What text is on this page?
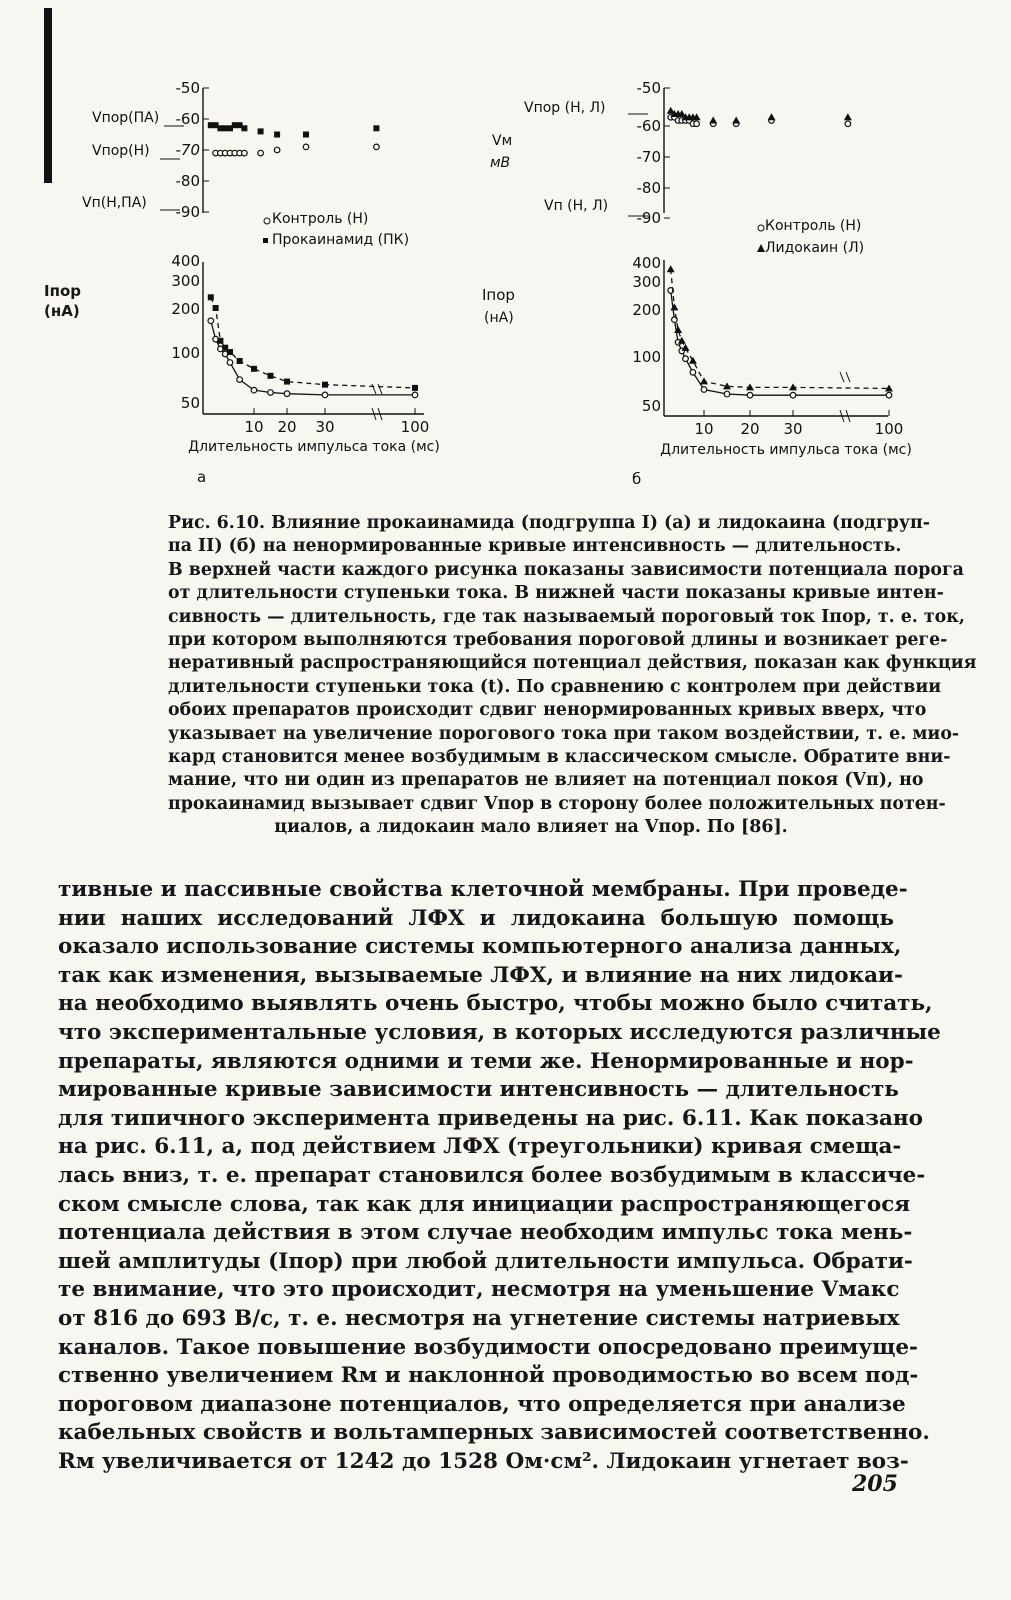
Iпор
(нА)
-50
-60
-70
-80
-90
Vпор(ПА)
Vпор(Н)
Vп(Н,ПА)
Контроль (Н)
Прокаинамид (ПК)
400
300
200
100
50
10 20 30	100
Длительность импульса тока (мс)
а
-50
-60
-70
-80
-90
Vпор (Н, Л)
Vм
мВ
Vп (Н, Л)
Контроль (Н)
Лидокаин (Л)
Iпор
(нА)
400
300
200
100
50
10 20 30	100
Длительность импульса тока (мс)
б
Рис. 6.10. Влияние прокаинамида (подгруппа I) (а) и лидокаина (подгруп-
па II) (б) на ненормированные кривые интенсивность — длительность.
В верхней части каждого рисунка показаны зависимости потенциала порога
от длительности ступеньки тока. В нижней части показаны кривые интен-
сивность — длительность, где так называемый пороговый ток Iпор, т. е. ток,
при котором выполняются требования пороговой длины и возникает реге-
неративный распространяющийся потенциал действия, показан как функция
длительности ступеньки тока (t). По сравнению с контролем при действии
обоих препаратов происходит сдвиг ненормированных кривых вверх, что
указывает на увеличение порогового тока при таком воздействии, т. е. мио-
кард становится менее возбудимым в классическом смысле. Обратите вни-
мание, что ни один из препаратов не влияет на потенциал покоя (Vп), но
прокаинамид вызывает сдвиг Vпор в сторону более положительных потен-
циалов, а лидокаин мало влияет на Vпор. По [86].
тивные и пассивные свойства клеточной мембраны. При проведе-
нии наших исследований ЛФХ и лидокаина большую помощь
оказало использование системы компьютерного анализа данных,
так как изменения, вызываемые ЛФХ, и влияние на них лидокаи-
на необходимо выявлять очень быстро, чтобы можно было считать,
что экспериментальные условия, в которых исследуются различные
препараты, являются одними и теми же. Ненормированные и нор-
мированные кривые зависимости интенсивность — длительность
для типичного эксперимента приведены на рис. 6.11. Как показано
на рис. 6.11, а, под действием ЛФХ (треугольники) кривая смеща-
лась вниз, т. е. препарат становился более возбудимым в классиче-
ском смысле слова, так как для инициации распространяющегося
потенциала действия в этом случае необходим импульс тока мень-
шей амплитуды (Iпор) при любой длительности импульса. Обрати-
те внимание, что это происходит, несмотря на уменьшение Vмакс
от 816 до 693 В/с, т. е. несмотря на угнетение системы натриевых
каналов. Такое повышение возбудимости опосредовано преимуще-
ственно увеличением Rм и наклонной проводимостью во всем под-
пороговом диапазоне потенциалов, что определяется при анализе
кабельных свойств и вольтамперных зависимостей соответственно.
Rм увеличивается от 1242 до 1528 Ом·см². Лидокаин угнетает воз-
205
